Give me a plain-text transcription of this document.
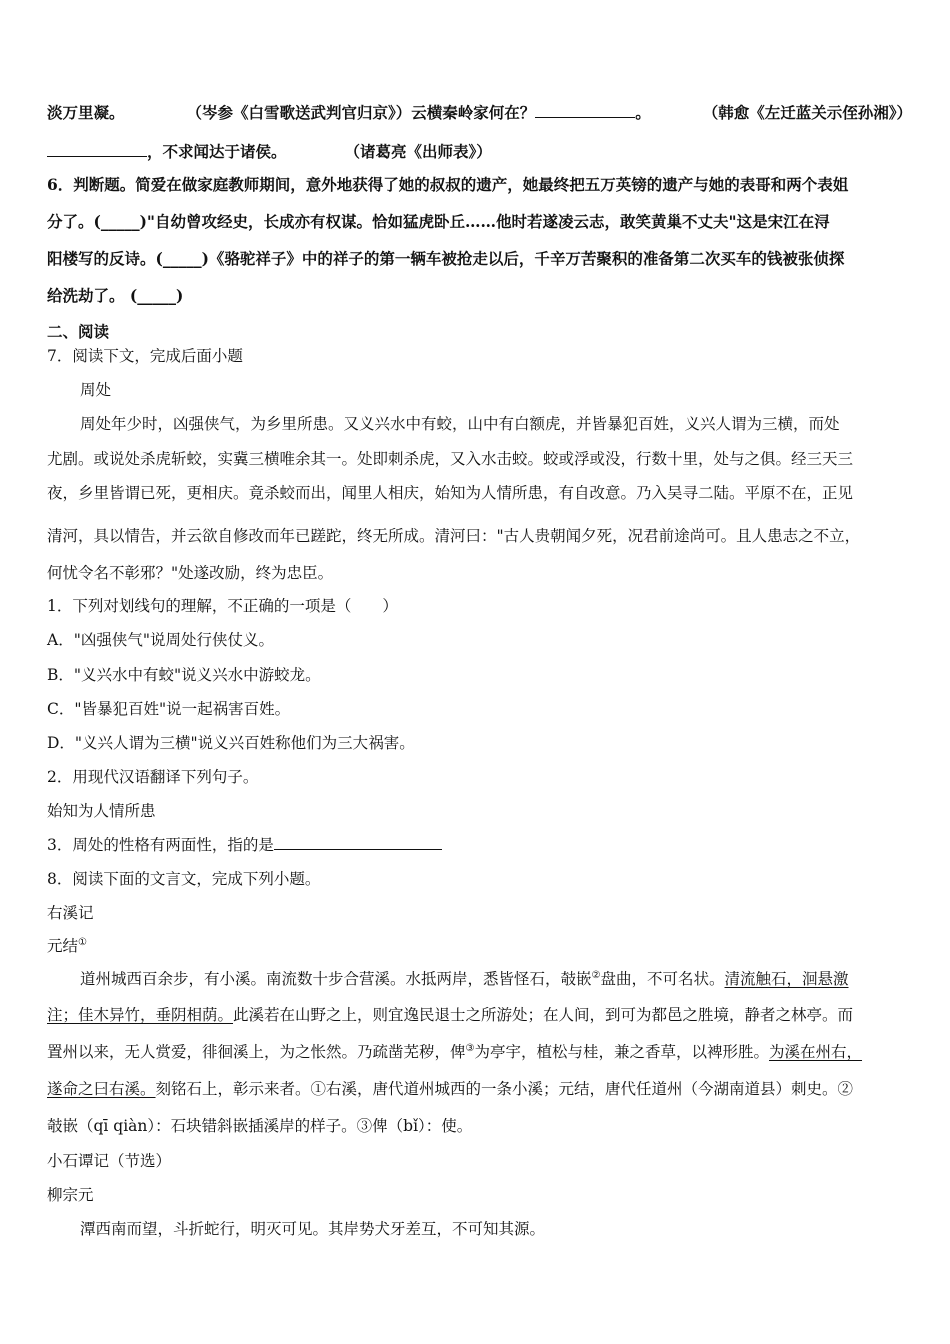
淡万里凝。	（岑参《白雪歌送武判官归京》）云横秦岭家何在？	。	（韩愈《左迁蓝关示侄孙湘》）
，不求闻达于诸侯。	（诸葛亮《出师表》）
6．判断题。简爱在做家庭教师期间，意外地获得了她的叔叔的遗产，她最终把五万英镑的遗产与她的表哥和两个表姐
分了。(_____)"自幼曾攻经史，长成亦有权谋。恰如猛虎卧丘……他时若遂凌云志，敢笑黄巢不丈夫"这是宋江在浔
阳楼写的反诗。(_____)《骆驼祥子》中的祥子的第一辆车被抢走以后，千辛万苦聚积的准备第二次买车的钱被张侦探
给洗劫了。 (_____)
二、阅读
7．阅读下文，完成后面小题
周处
周处年少时，凶强侠气，为乡里所患。又义兴水中有蛟，山中有白额虎，并皆暴犯百姓，义兴人谓为三横，而处
尤剧。或说处杀虎斩蛟，实冀三横唯余其一。处即刺杀虎，又入水击蛟。蛟或浮或没，行数十里，处与之俱。经三天三
夜，乡里皆谓已死，更相庆。竟杀蛟而出，闻里人相庆，始知为人情所患，有自改意。乃入吴寻二陆。平原不在，正见
清河，具以情告，并云欲自修改而年已蹉跎，终无所成。清河曰："古人贵朝闻夕死，况君前途尚可。且人患志之不立，
何忧令名不彰邪？"处遂改励，终为忠臣。
1．下列对划线句的理解，不正确的一项是（　　）
A．"凶强侠气"说周处行侠仗义。
B．"义兴水中有蛟"说义兴水中游蛟龙。
C．"皆暴犯百姓"说一起祸害百姓。
D．"义兴人谓为三横"说义兴百姓称他们为三大祸害。
2．用现代汉语翻译下列句子。
始知为人情所患
3．周处的性格有两面性，指的是
8．阅读下面的文言文，完成下列小题。
右溪记
元结①
道州城西百余步，有小溪。南流数十步合营溪。水抵两岸，悉皆怪石，攲嵌②盘曲，不可名状。清流触石，洄悬激
注；佳木异竹，垂阴相荫。此溪若在山野之上，则宜逸民退士之所游处；在人间，到可为都邑之胜境，静者之林亭。而
置州以来，无人赏爱，徘徊溪上，为之怅然。乃疏凿芜秽，俾③为亭宇，植松与桂，兼之香草，以裨形胜。为溪在州右，
遂命之曰右溪。刻铭石上，彰示来者。①右溪，唐代道州城西的一条小溪；元结，唐代任道州（今湖南道县）刺史。②
攲嵌（qī qiàn）：石块错斜嵌插溪岸的样子。③俾（bǐ）：使。
小石谭记（节选）
柳宗元
潭西南而望，斗折蛇行，明灭可见。其岸势犬牙差互，不可知其源。
